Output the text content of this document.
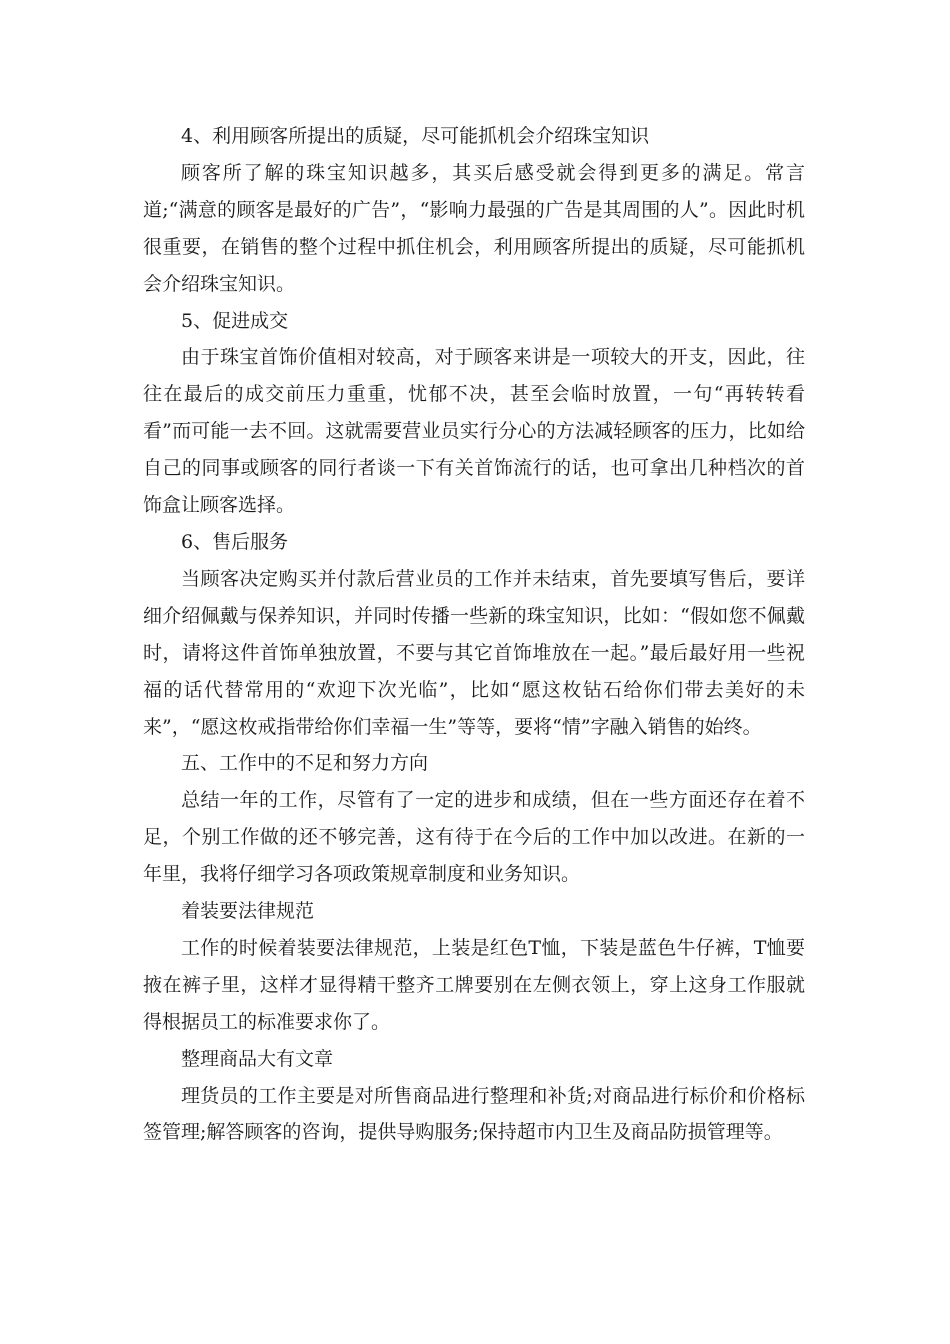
4、利用顾客所提出的质疑，尽可能抓机会介绍珠宝知识

顾客所了解的珠宝知识越多，其买后感受就会得到更多的满足。常言道;“满意的顾客是最好的广告”，“影响力最强的广告是其周围的人”。因此时机很重要，在销售的整个过程中抓住机会，利用顾客所提出的质疑，尽可能抓机会介绍珠宝知识。

5、促进成交

由于珠宝首饰价值相对较高，对于顾客来讲是一项较大的开支，因此，往往在最后的成交前压力重重，忧郁不决，甚至会临时放置，一句“再转转看看”而可能一去不回。这就需要营业员实行分心的方法减轻顾客的压力，比如给自己的同事或顾客的同行者谈一下有关首饰流行的话，也可拿出几种档次的首饰盒让顾客选择。

6、售后服务

当顾客决定购买并付款后营业员的工作并未结束，首先要填写售后，要详细介绍佩戴与保养知识，并同时传播一些新的珠宝知识，比如：“假如您不佩戴时，请将这件首饰单独放置，不要与其它首饰堆放在一起。”最后最好用一些祝福的话代替常用的“欢迎下次光临”，比如“愿这枚钻石给你们带去美好的未来”，“愿这枚戒指带给你们幸福一生”等等，要将“情”字融入销售的始终。

五、工作中的不足和努力方向

总结一年的工作，尽管有了一定的进步和成绩，但在一些方面还存在着不足，个别工作做的还不够完善，这有待于在今后的工作中加以改进。在新的一年里，我将仔细学习各项政策规章制度和业务知识。

着装要法律规范

工作的时候着装要法律规范，上装是红色T恤，下装是蓝色牛仔裤，T恤要掖在裤子里，这样才显得精干整齐工牌要别在左侧衣领上，穿上这身工作服就得根据员工的标准要求你了。

整理商品大有文章

理货员的工作主要是对所售商品进行整理和补货;对商品进行标价和价格标签管理;解答顾客的咨询，提供导购服务;保持超市内卫生及商品防损管理等。
